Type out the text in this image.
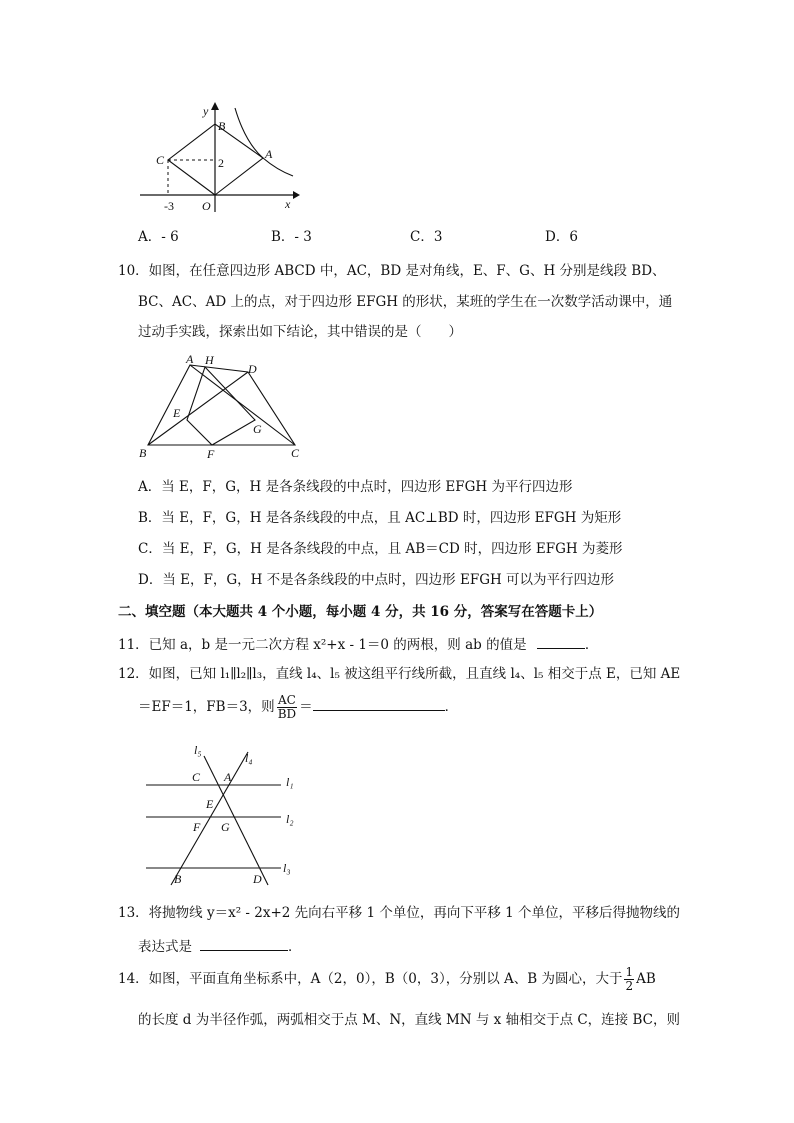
y
x
B
C	A
O
2
-3
A．- 6	B．- 3	C．3	D．6
10．如图，在任意四边形 ABCD 中，AC，BD 是对角线，E、F、G、H 分别是线段 BD、
BC、AC、AD 上的点，对于四边形 EFGH 的形状，某班的学生在一次数学活动课中，通
过动手实践，探索出如下结论，其中错误的是（　　）
A H
D
E
G
B	F	C
A．当 E，F，G，H 是各条线段的中点时，四边形 EFGH 为平行四边形
B．当 E，F，G，H 是各条线段的中点，且 AC⊥BD 时，四边形 EFGH 为矩形
C．当 E，F，G，H 是各条线段的中点，且 AB＝CD 时，四边形 EFGH 为菱形
D．当 E，F，G，H 不是各条线段的中点时，四边形 EFGH 可以为平行四边形
二、填空题（本大题共 4 个小题，每小题 4 分，共 16 分，答案写在答题卡上）
11．已知 a，b 是一元二次方程 x²+x - 1＝0 的两根，则 ab 的值是	．
12．如图，已知 l₁∥l₂∥l₃，直线 l₄、l₅ 被这组平行线所截，且直线 l₄、l₅ 相交于点 E，已知 AE
＝EF＝1，FB＝3，则 $\frac{AC}{BD}$ ＝	．
l₅
l₄
C A	l₁
E
F G
l₂
B	D
l₃
13．将抛物线 y＝x² - 2x+2 先向右平移 1 个单位，再向下平移 1 个单位，平移后得抛物线的
表达式是	．
14．如图，平面直角坐标系中，A（2，0），B（0，3），分别以 A、B 为圆心，大于 $\frac{1}{2}$ AB
的长度 d 为半径作弧，两弧相交于点 M、N，直线 MN 与 x 轴相交于点 C，连接 BC，则
